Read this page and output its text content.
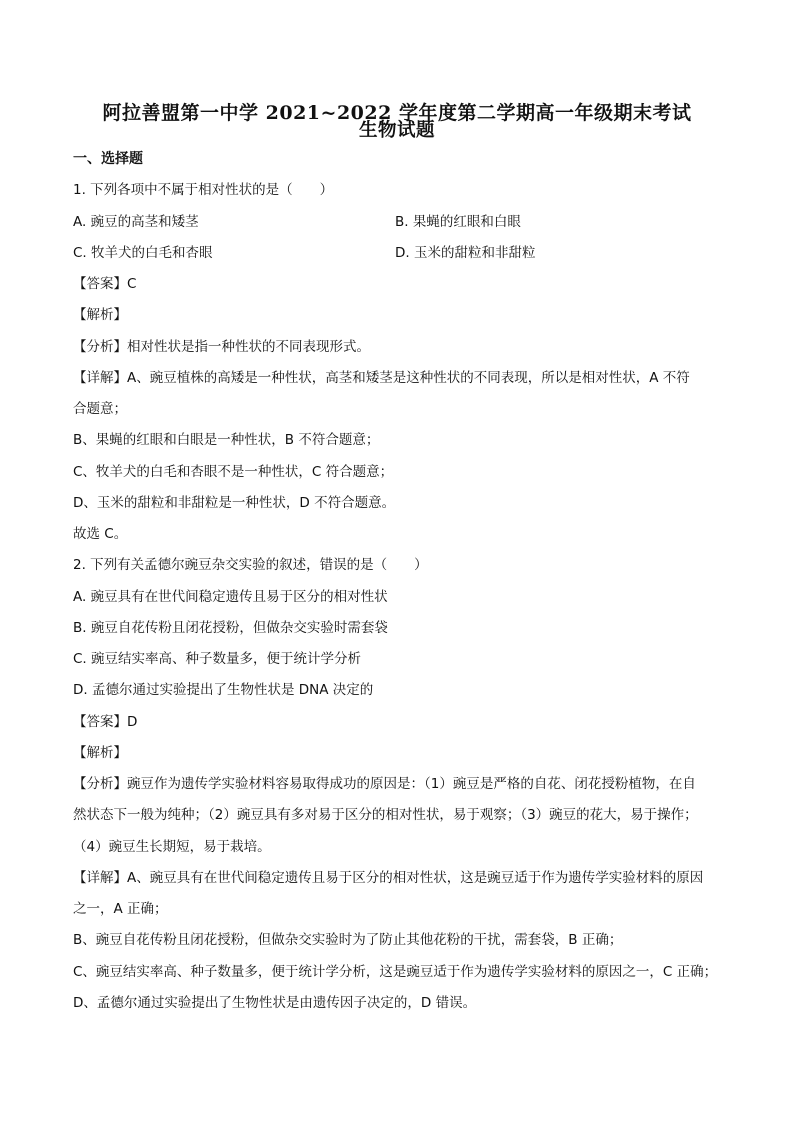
阿拉善盟第一中学 2021~2022 学年度第二学期高一年级期末考试
生物试题
一、选择题
1. 下列各项中不属于相对性状的是（　　）
A. 豌豆的高茎和矮茎	B. 果蝇的红眼和白眼
C. 牧羊犬的白毛和杏眼	D. 玉米的甜粒和非甜粒
【答案】C
【解析】
【分析】相对性状是指一种性状的不同表现形式。
【详解】A、豌豆植株的高矮是一种性状，高茎和矮茎是这种性状的不同表现，所以是相对性状，A 不符
合题意；
B、果蝇的红眼和白眼是一种性状，B 不符合题意；
C、牧羊犬的白毛和杏眼不是一种性状，C 符合题意；
D、玉米的甜粒和非甜粒是一种性状，D 不符合题意。
故选 C。
2. 下列有关孟德尔豌豆杂交实验的叙述，错误的是（　　）
A. 豌豆具有在世代间稳定遗传且易于区分的相对性状
B. 豌豆自花传粉且闭花授粉，但做杂交实验时需套袋
C. 豌豆结实率高、种子数量多，便于统计学分析
D. 孟德尔通过实验提出了生物性状是 DNA 决定的
【答案】D
【解析】
【分析】豌豆作为遗传学实验材料容易取得成功的原因是：（1）豌豆是严格的自花、闭花授粉植物，在自
然状态下一般为纯种；（2）豌豆具有多对易于区分的相对性状，易于观察；（3）豌豆的花大，易于操作；
（4）豌豆生长期短，易于栽培。
【详解】A、豌豆具有在世代间稳定遗传且易于区分的相对性状，这是豌豆适于作为遗传学实验材料的原因
之一，A 正确；
B、豌豆自花传粉且闭花授粉，但做杂交实验时为了防止其他花粉的干扰，需套袋，B 正确；
C、豌豆结实率高、种子数量多，便于统计学分析，这是豌豆适于作为遗传学实验材料的原因之一，C 正确；
D、孟德尔通过实验提出了生物性状是由遗传因子决定的，D 错误。
